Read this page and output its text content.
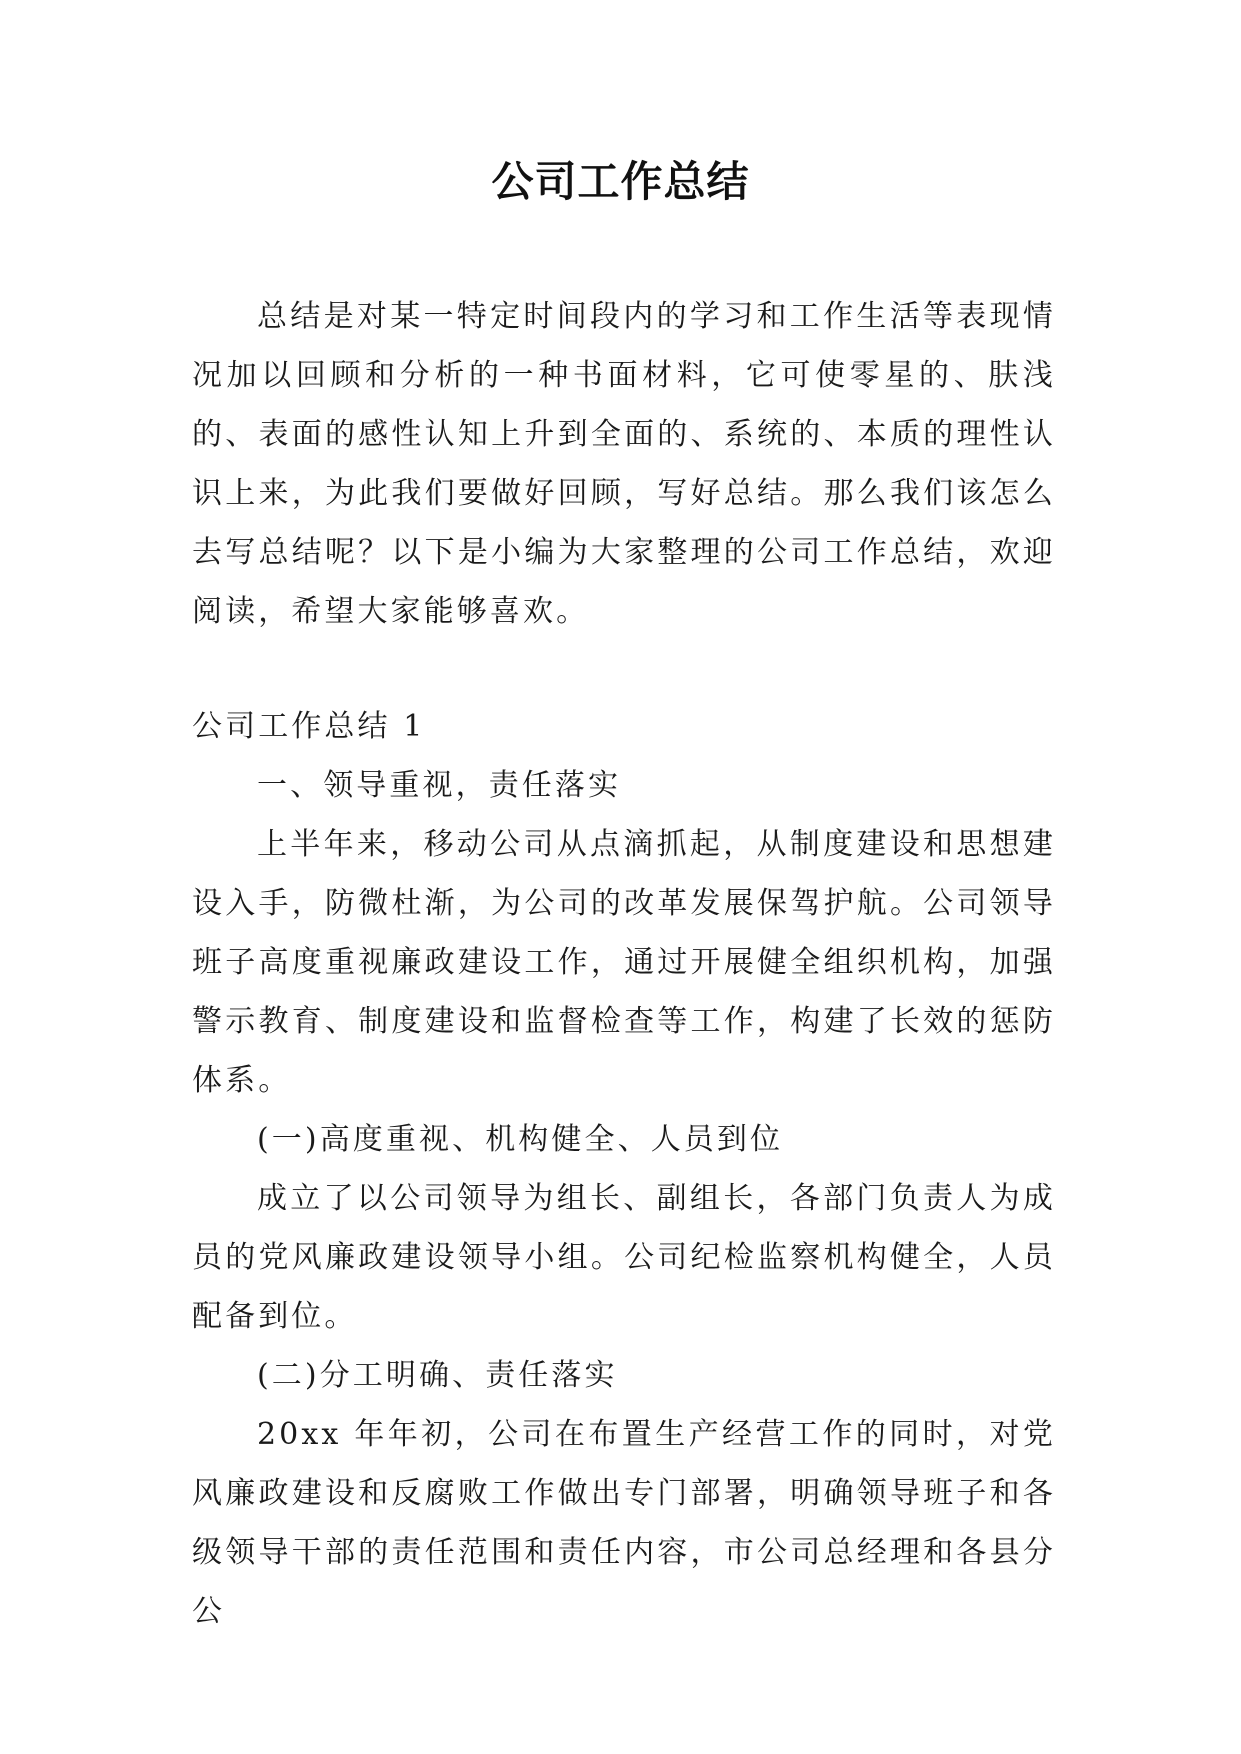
公司工作总结

总结是对某一特定时间段内的学习和工作生活等表现情况加以回顾和分析的一种书面材料，它可使零星的、肤浅的、表面的感性认知上升到全面的、系统的、本质的理性认识上来，为此我们要做好回顾，写好总结。那么我们该怎么去写总结呢？以下是小编为大家整理的公司工作总结，欢迎阅读，希望大家能够喜欢。

公司工作总结 1

一、领导重视，责任落实

上半年来，移动公司从点滴抓起，从制度建设和思想建设入手，防微杜渐，为公司的改革发展保驾护航。公司领导班子高度重视廉政建设工作，通过开展健全组织机构，加强警示教育、制度建设和监督检查等工作，构建了长效的惩防体系。

(一)高度重视、机构健全、人员到位

成立了以公司领导为组长、副组长，各部门负责人为成员的党风廉政建设领导小组。公司纪检监察机构健全，人员配备到位。

(二)分工明确、责任落实

20xx 年年初，公司在布置生产经营工作的同时，对党风廉政建设和反腐败工作做出专门部署，明确领导班子和各级领导干部的责任范围和责任内容，市公司总经理和各县分公
